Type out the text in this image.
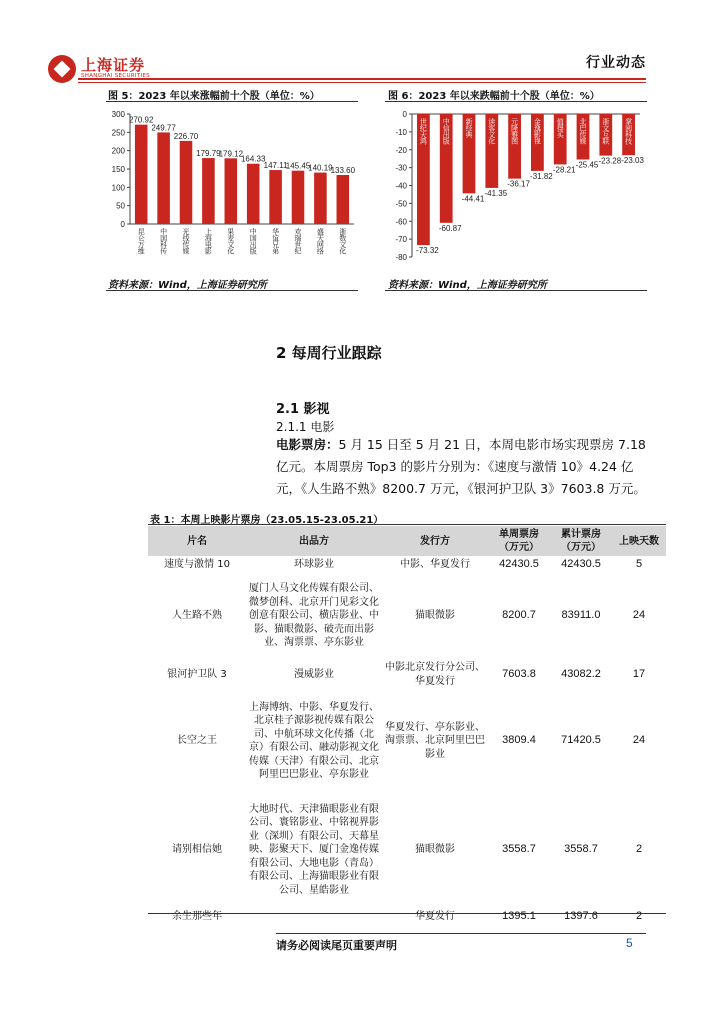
上海证券
SHANGHAI SECURITIES
行业动态
图 5：2023 年以来涨幅前十个股（单位：%）
0
50
100
150
200
250
300
270.92
昆仑万维
249.77
中国科传
226.70
光线传媒
179.79
上海电影
179.12
果麦文化
164.33
中国出版
147.11
华谊兄弟
145.45
欢瑞世纪
140.19
盛天网络
133.60
浙数文化
资料来源：Wind，上海证券研究所
图 6：2023 年以来跌幅前十个股（单位：%）
0
-10
-20
-30
-40
-50
-60
-70
-80
-73.32
世纪天鸿
-60.87
中信出版
-44.41
新经典
-41.35
读客文化
-36.17
元隆雅图
-31.82
金逸影视
-28.21
值得买
-25.45
北巴传媒
-23.28
浙文互联
-23.03
掌阅科技
资料来源：Wind，上海证券研究所
2 每周行业跟踪
2.1 影视
2.1.1 电影
电影票房：5 月 15 日至 5 月 21 日，本周电影市场实现票房 7.18 亿元。本周票房 Top3 的影片分别为：《速度与激情 10》4.24 亿元，《人生路不熟》8200.7 万元，《银河护卫队 3》7603.8 万元。
表 1：本周上映影片票房（23.05.15-23.05.21）
片名	出品方	发行方	单周票房（万元）	累计票房（万元）	上映天数
速度与激情 10	环球影业	中影、华夏发行	42430.5	42430.5	5
人生路不熟	厦门人马文化传媒有限公司、微梦创科、北京开门见彩文化创意有限公司、横店影业、中影、猫眼微影、破壳而出影业、淘票票、亭东影业	猫眼微影	8200.7	83911.0	24
银河护卫队 3	漫威影业	中影北京发行分公司、华夏发行	7603.8	43082.2	17
长空之王	上海博纳、中影、华夏发行、北京桂子源影视传媒有限公司、中航环球文化传播（北京）有限公司、融动影视文化传媒（天津）有限公司、北京阿里巴巴影业、亭东影业	华夏发行、亭东影业、淘票票、北京阿里巴巴影业	3809.4	71420.5	24
请别相信她	大地时代、天津猫眼影业有限公司、寰铭影业、中铭视界影业（深圳）有限公司、天幕星映、影聚天下、厦门金逸传媒有限公司、大地电影（青岛）有限公司、上海猫眼影业有限公司、星皓影业	猫眼微影	3558.7	3558.7	2
余生那些年		华夏发行	1395.1	1397.6	2
请务必阅读尾页重要声明	5
